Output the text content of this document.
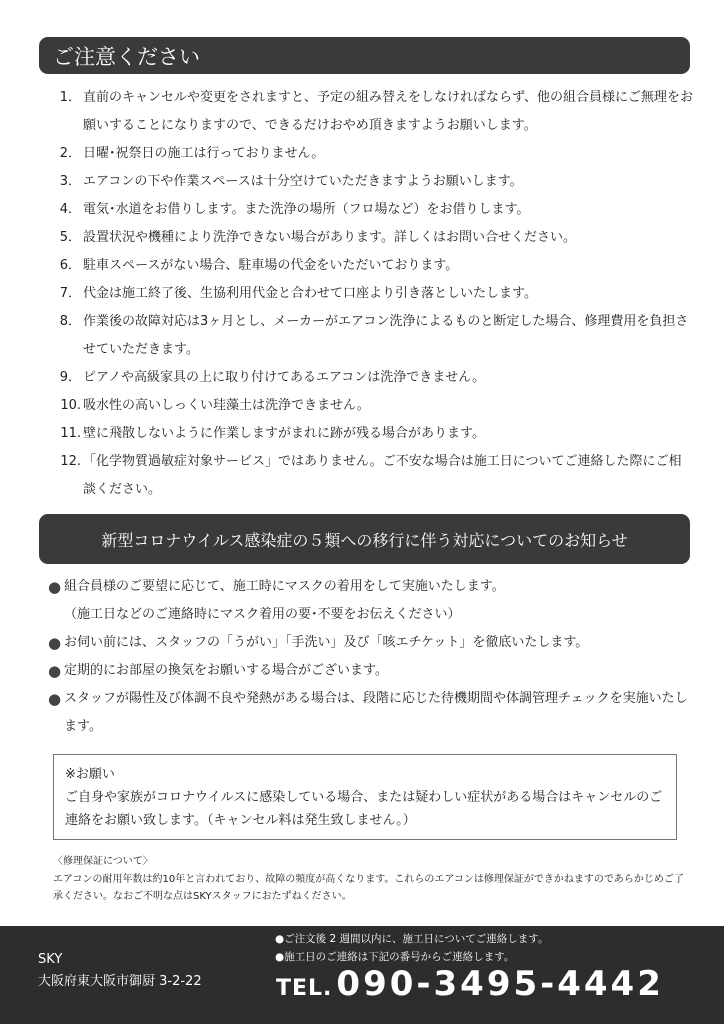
ご注意ください
1． 直前のキャンセルや変更をされますと、予定の組み替えをしなければならず、他の組合員様にご無理をお願いすることになりますので、できるだけおやめ頂きますようお願いします。
2． 日曜･祝祭日の施工は行っておりません。
3． エアコンの下や作業スペースは十分空けていただきますようお願いします。
4． 電気･水道をお借りします。また洗浄の場所（フロ場など）をお借りします。
5． 設置状況や機種により洗浄できない場合があります。詳しくはお問い合せください。
6． 駐車スペースがない場合、駐車場の代金をいただいております。
7． 代金は施工終了後、生協利用代金と合わせて口座より引き落としいたします。
8． 作業後の故障対応は3ヶ月とし、メーカーがエアコン洗浄によるものと断定した場合、修理費用を負担させていただきます。
9． ピアノや高級家具の上に取り付けてあるエアコンは洗浄できません。
10. 吸水性の高いしっくい珪藻土は洗浄できません。
11. 壁に飛散しないように作業しますがまれに跡が残る場合があります。
12. 「化学物質過敏症対象サービス」ではありません。ご不安な場合は施工日についてご連絡した際にご相談ください。
新型コロナウイルス感染症の５類への移行に伴う対応についてのお知らせ
● 組合員様のご要望に応じて、施工時にマスクの着用をして実施いたします。
（施工日などのご連絡時にマスク着用の要･不要をお伝えください）
● お伺い前には、スタッフの「うがい」「手洗い」及び「咳エチケット」を徹底いたします。
● 定期的にお部屋の換気をお願いする場合がございます。
● スタッフが陽性及び体調不良や発熱がある場合は、段階に応じた待機期間や体調管理チェックを実施いたします。
※お願い
ご自身や家族がコロナウイルスに感染している場合、または疑わしい症状がある場合はキャンセルのご連絡をお願い致します。（キャンセル料は発生致しません。）
〈修理保証について〉
エアコンの耐用年数は約10年と言われており、故障の頻度が高くなります。これらのエアコンは修理保証ができかねますのであらかじめご了承ください。なおご不明な点はSKYスタッフにおたずねください。
SKY
大阪府東大阪市御厨 3-2-22
●ご注文後 2 週間以内に、施工日についてご連絡します。
●施工日のご連絡は下記の番号からご連絡します。
TEL. 090-3495-4442
